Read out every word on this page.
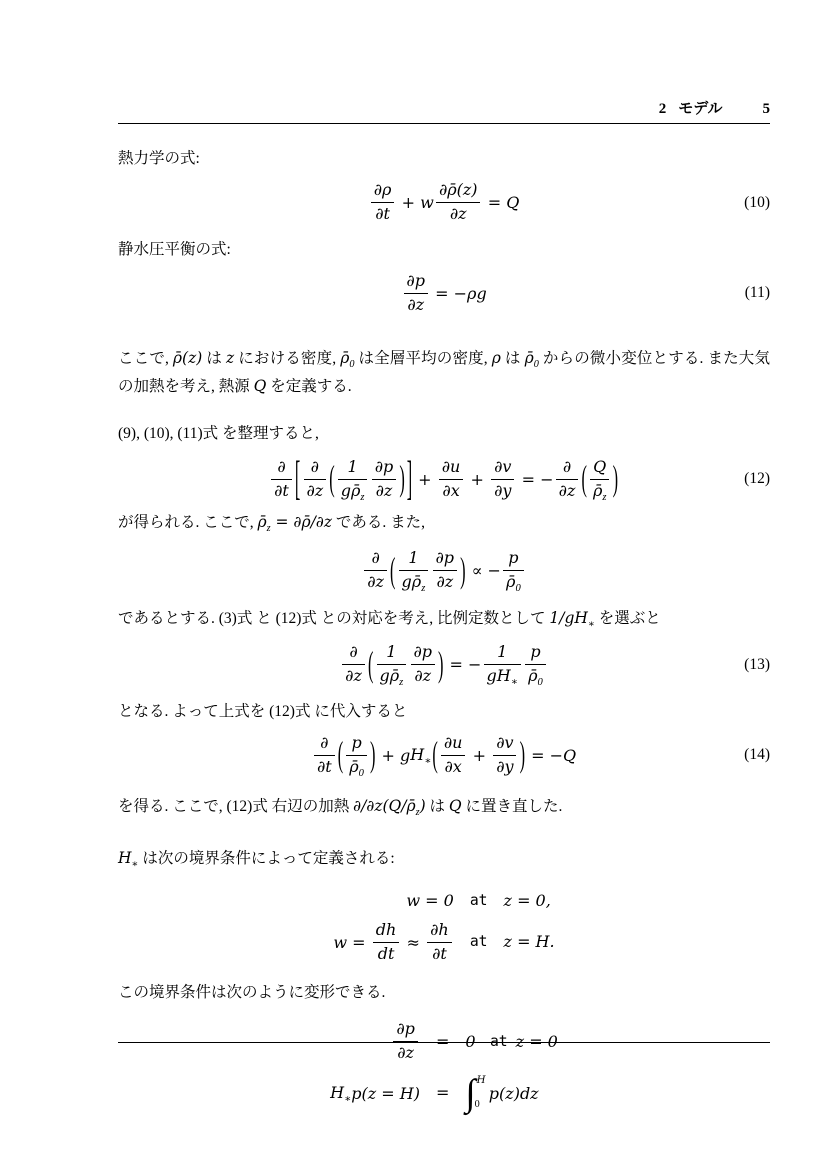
2 モデル	5
熱力学の式:
$\frac{\partial\rho}{\partial t} + w \frac{\partial\rhō(z)}{\partial z} = Q$	(10)
静水圧平衡の式:
$\frac{\partial p}{\partial z} = -\rho g$	(11)
ここで, ρ̄(z) は z における密度, $\rhō_0$ は全層平均の密度, ρ は $\rhō_0$ からの微小変位とする. また大気の加熱を考え, 熱源 Q を定義する.
(9), (10), (11)式 を整理すると,
$\frac{\partial}{\partial t}$ [ $\frac{\partial}{\partial z}$ ( $\frac{1}{g\rhō_z} \frac{\partial p}{\partial z}$ ) ] + $\frac{\partial u}{\partial x} + \frac{\partial v}{\partial y}$ = − $\frac{\partial}{\partial z}$ ( $\frac{Q}{\rhō_z}$ )	(12)
が得られる. ここで, $\rhō_z$ = ∂ρ̄/∂z である. また,
$\frac{\partial}{\partial z}$ ( $\frac{1}{g\rhō_z} \frac{\partial p}{\partial z}$ ) ∝ − $\frac{p}{\rhō_0}$
であるとする. (3)式 と (12)式 との対応を考え, 比例定数として $1/gH_∗$ を選ぶと
$\frac{\partial}{\partial z}$ ( $\frac{1}{g\rhō_z} \frac{\partial p}{\partial z}$ ) = − $\frac{1}{gH_∗} \frac{p}{\rhō_0}$	(13)
となる. よって上式を (12)式 に代入すると
$\frac{\partial}{\partial t}$ ( $\frac{p}{\rhō_0}$ ) + g $H_∗$ ( $\frac{\partial u}{\partial x} + \frac{\partial v}{\partial y}$ ) = − Q	(14)
を得る. ここで, (12)式 右辺の加熱 $\partial/\partial z(Q/\rhō_z)$ は Q に置き直した.
$H_∗$ は次の境界条件によって定義される:
w = 0	at	z = 0,

$w = \frac{dh}{dt} \approx \frac{\partial h}{\partial t}$	at	z = H.
この境界条件は次のように変形できる.
$\frac{\partial p}{\partial z}$	=	0 at z = 0

$H_∗$ p(z = H)	=	∫ H
0
p(z)dz
